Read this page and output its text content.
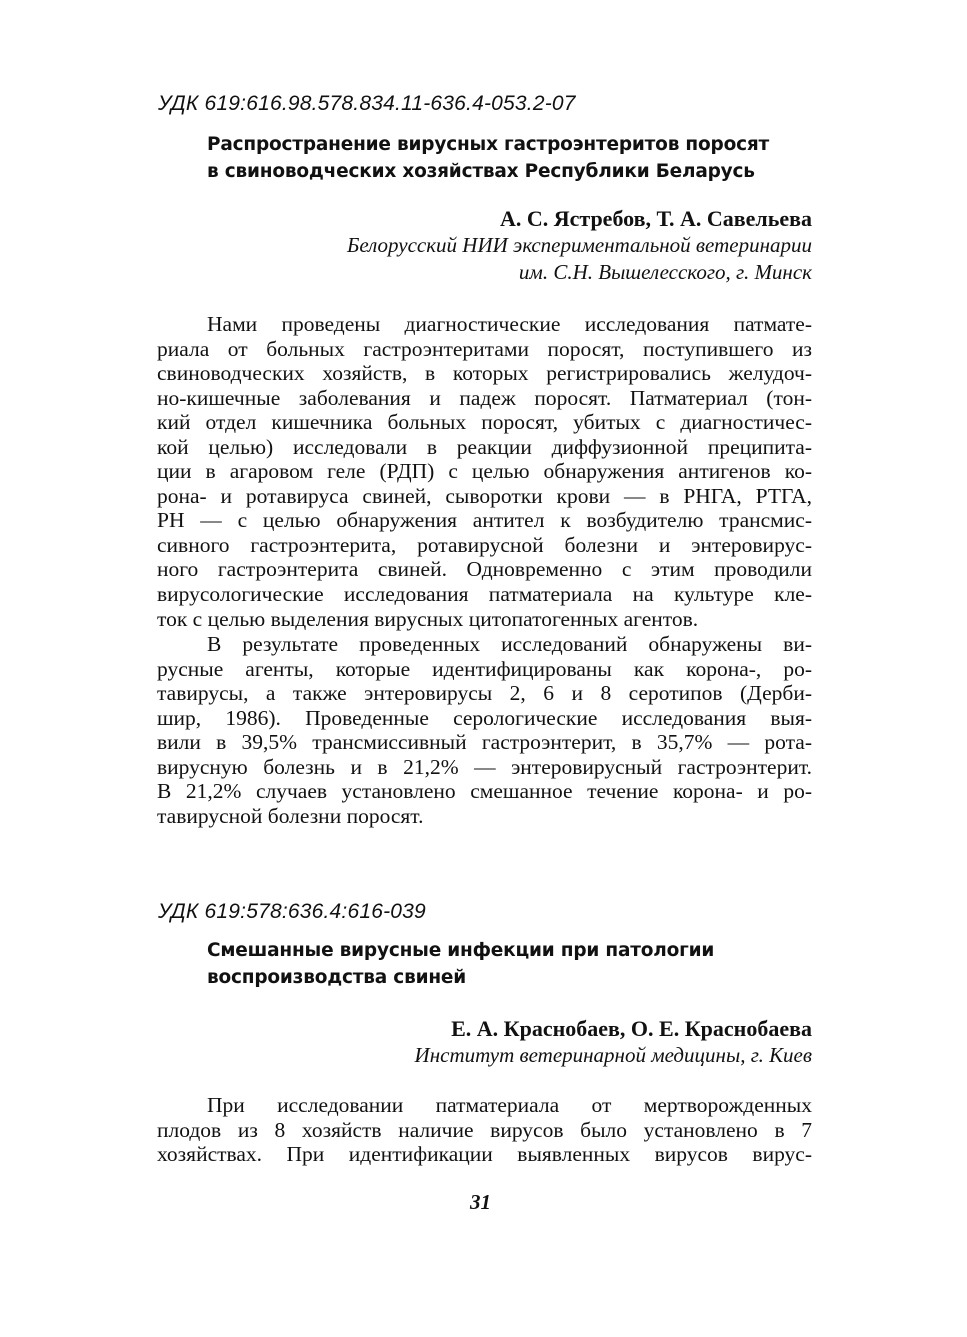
УДК 619:616.98.578.834.11-636.4-053.2-07
Распространение вирусных гастроэнтеритов поросят
в свиноводческих хозяйствах Республики Беларусь
А. С. Ястребов, Т. А. Савельева
Белорусский НИИ экспериментальной ветеринарии
им. С.Н. Вышелесского, г. Минск
Нами проведены диагностические исследования патмате-
риала от больных гастроэнтеритами поросят, поступившего из
свиноводческих хозяйств, в которых регистрировались желудоч-
но-кишечные заболевания и падеж поросят. Патматериал (тон-
кий отдел кишечника больных поросят, убитых с диагностичес-
кой целью) исследовали в реакции диффузионной преципита-
ции в агаровом геле (РДП) с целью обнаружения антигенов ко-
рона- и ротавируса свиней, сыворотки крови — в РНГА, РТГА,
РН — с целью обнаружения антител к возбудителю трансмис-
сивного гастроэнтерита, ротавирусной болезни и энтеровирус-
ного гастроэнтерита свиней. Одновременно с этим проводили
вирусологические исследования патматериала на культуре кле-
ток с целью выделения вирусных цитопатогенных агентов.
В результате проведенных исследований обнаружены ви-
русные агенты, которые идентифицированы как корона-, ро-
тавирусы, а также энтеровирусы 2, 6 и 8 серотипов (Дерби-
шир, 1986). Проведенные серологические исследования выя-
вили в 39,5% трансмиссивный гастроэнтерит, в 35,7% — рота-
вирусную болезнь и в 21,2% — энтеровирусный гастроэнтерит.
В 21,2% случаев установлено смешанное течение корона- и ро-
тавирусной болезни поросят.
УДК 619:578:636.4:616-039
Смешанные вирусные инфекции при патологии
воспроизводства свиней
Е. А. Краснобаев, О. Е. Краснобаева
Институт ветеринарной медицины, г. Киев
При исследовании патматериала от мертворожденных
плодов из 8 хозяйств наличие вирусов было установлено в 7
хозяйствах. При идентификации выявленных вирусов вирус-
31
